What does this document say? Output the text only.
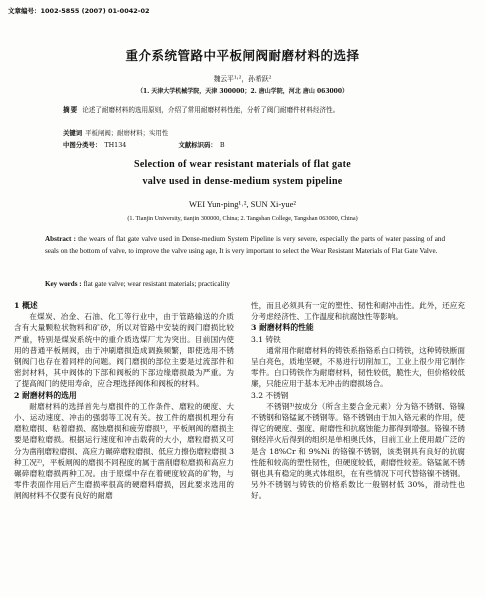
文章编号：1002-5855 (2007) 01-0042-02
重介系统管路中平板闸阀耐磨材料的选择
魏云平¹˒²，孙希跃²
（1. 天津大学机械学院，天津 300000；2. 唐山学院，河北 唐山 063000）
摘要 论述了耐磨材料的选用原则，介绍了常用耐磨材料性能，分析了阀门耐磨件材料经济性。
关键词 平板闸阀；耐磨材料；实用性
中图分类号： TH134	文献标识码： B
Selection of wear resistant materials of flat gate
valve used in dense-medium system pipeline
WEI Yun-ping¹˒², SUN Xi-yue²
(1. Tianjin University, tianjin 300000, China; 2. Tangshan College, Tangshan 063000, China)
Abstract : the wears of flat gate valve used in Dense-medium System Pipeline is very severe, especially the parts of water passing of and seals on the bottom of valve, to improve the valve using age, It is very important to select the Wear Resistant Materials of Flat Gate Valve.
Key words : flat gate valve; wear resistant materials; practicality
1 概述

在煤炭、冶金、石油、化工等行业中，由于管路输送的介质含有大量颗粒状物料和矿砂，所以对管路中安装的阀门磨损比较严重，特别是煤炭系统中的重介质选煤厂尤为突出。目前国内使用的普通平板闸阀，由于冲刷磨损造成调换频繁，即使选用不锈钢阀门也存在着同样的问题。阀门磨损的部位主要是过流部件和密封材料，其中阀体的下部和阀板的下部边缘磨损最为严重。为了提高阀门的使用寿命，应合理选择阀体和阀板的材料。

2 耐磨材料的选用

耐磨材料的选择首先与磨损件的工作条件、磨粒的硬度、大小、运动速度、冲击的强弱等工况有关。按工件的磨损机理分有磨粒磨损、粘着磨损、腐蚀磨损和疲劳磨损¹⁾，平板闸阀的磨损主要是磨粒磨损。根据运行速度和冲击载荷的大小，磨粒磨损又可分为凿削磨粒磨损、高应力碾碎磨粒磨损、低应力擦伤磨粒磨损 3 种工况²⁾，平板闸阀的磨损不同程度的属于凿削磨粒磨损和高应力碾碎磨粒磨损两种工况。由于原煤中存在着硬度较高的矿物，与零件表面作用后产生磨损率很高的硬磨料磨损，因此要求选用的闸阀材料不仅要有良好的耐磨

性，而且必须具有一定的塑性、韧性和耐冲击性。此外，还应充分考虑经济性、工作温度和抗腐蚀性等影响。

3 耐磨材料的性能
3.1 铸铁

通常用作耐磨材料的铸铁系指铬系白口铸铁，这种铸铁断面呈白亮色，质地坚硬，不易进行切削加工，工业上很少用它制作零件。白口铸铁作为耐磨材料，韧性较低，脆性大，但价格较低廉，只能应用于基本无冲击的磨损场合。

3.2 不锈钢

不锈钢³⁾按成分（所含主要合金元素）分为铬不锈钢、铬镍不锈钢和铬锰氮不锈钢等。铬不锈钢由于加入铬元素的作用，使得它的硬度、强度、耐磨性和抗腐蚀能力都得到增强。铬镍不锈钢经淬火后得到的组织是单相奥氏体，目前工业上使用最广泛的是含 18%Cr 和 9%Ni 的铬镍不锈钢，该类钢具有良好的抗腐性能和较高的塑性韧性，但硬度较低，耐磨性较差。铬锰氮不锈钢也具有稳定的奥式体组织，在有些情况下可代替铬镍不锈钢。另外不锈钢与铸铁的价格系数比一般钢材低 30%，滑动性也好。
